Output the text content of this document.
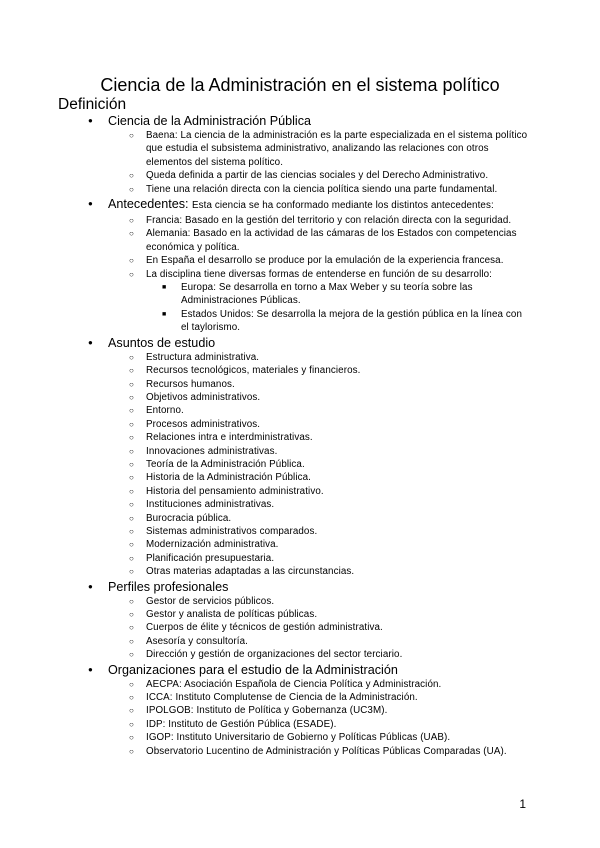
Ciencia de la Administración en el sistema político
Definición
● Ciencia de la Administración Pública
○ Baena: La ciencia de la administración es la parte especializada en el sistema político que estudia el subsistema administrativo, analizando las relaciones con otros elementos del sistema político.
○ Queda definida a partir de las ciencias sociales y del Derecho Administrativo.
○ Tiene una relación directa con la ciencia política siendo una parte fundamental.
● Antecedentes: Esta ciencia se ha conformado mediante los distintos antecedentes:
○ Francia: Basado en la gestión del territorio y con relación directa con la seguridad.
○ Alemania: Basado en la actividad de las cámaras de los Estados con competencias económica y política.
○ En España el desarrollo se produce por la emulación de la experiencia francesa.
○ La disciplina tiene diversas formas de entenderse en función de su desarrollo:
■ Europa: Se desarrolla en torno a Max Weber y su teoría sobre las Administraciones Públicas.
■ Estados Unidos: Se desarrolla la mejora de la gestión pública en la línea con el taylorismo.
● Asuntos de estudio
○ Estructura administrativa.
○ Recursos tecnológicos, materiales y financieros.
○ Recursos humanos.
○ Objetivos administrativos.
○ Entorno.
○ Procesos administrativos.
○ Relaciones intra e interdministrativas.
○ Innovaciones administrativas.
○ Teoría de la Administración Pública.
○ Historia de la Administración Pública.
○ Historia del pensamiento administrativo.
○ Instituciones administrativas.
○ Burocracia pública.
○ Sistemas administrativos comparados.
○ Modernización administrativa.
○ Planificación presupuestaria.
○ Otras materias adaptadas a las circunstancias.
● Perfiles profesionales
○ Gestor de servicios públicos.
○ Gestor y analista de políticas públicas.
○ Cuerpos de élite y técnicos de gestión administrativa.
○ Asesoría y consultoría.
○ Dirección y gestión de organizaciones del sector terciario.
● Organizaciones para el estudio de la Administración
○ AECPA: Asociación Española de Ciencia Política y Administración.
○ ICCA: Instituto Complutense de Ciencia de la Administración.
○ IPOLGOB: Instituto de Política y Gobernanza (UC3M).
○ IDP: Instituto de Gestión Pública (ESADE).
○ IGOP: Instituto Universitario de Gobierno y Políticas Públicas (UAB).
○ Observatorio Lucentino de Administración y Políticas Públicas Comparadas (UA).
1
